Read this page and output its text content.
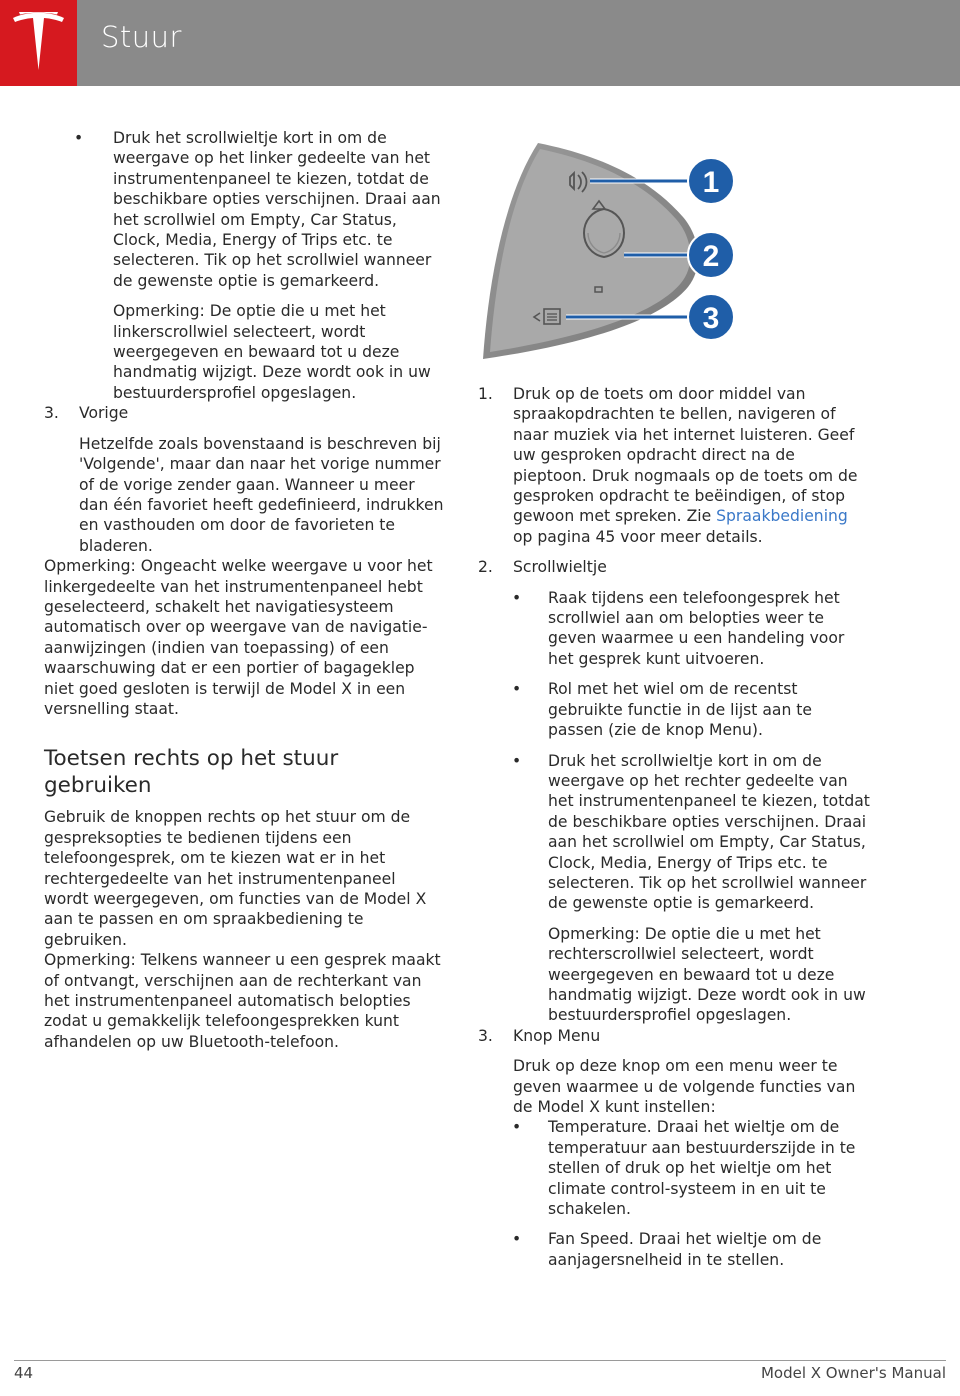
Stuur
• Druk het scrollwieltje kort in om de weergave op het linker gedeelte van het instrumentenpaneel te kiezen, totdat de beschikbare opties verschijnen. Draai aan het scrollwiel om Empty, Car Status, Clock, Media, Energy of Trips etc. te selecteren. Tik op het scrollwiel wanneer de gewenste optie is gemarkeerd.

Opmerking: De optie die u met het linkerscrollwiel selecteert, wordt weergegeven en bewaard tot u deze handmatig wijzigt. Deze wordt ook in uw bestuurdersprofiel opgeslagen.

3. Vorige

Hetzelfde zoals bovenstaand is beschreven bij 'Volgende', maar dan naar het vorige nummer of de vorige zender gaan. Wanneer u meer dan één favoriet heeft gedefinieerd, indrukken en vasthouden om door de favorieten te bladeren.

Opmerking: Ongeacht welke weergave u voor het linkergedeelte van het instrumentenpaneel hebt geselecteerd, schakelt het navigatiesysteem automatisch over op weergave van de navigatie-aanwijzingen (indien van toepassing) of een waarschuwing dat er een portier of bagageklep niet goed gesloten is terwijl de Model X in een versnelling staat.

Toetsen rechts op het stuur gebruiken

Gebruik de knoppen rechts op het stuur om de gespreksopties te bedienen tijdens een telefoongesprek, om te kiezen wat er in het rechtergedeelte van het instrumentenpaneel wordt weergegeven, om functies van de Model X aan te passen en om spraakbediening te gebruiken.

Opmerking: Telkens wanneer u een gesprek maakt of ontvangt, verschijnen aan de rechterkant van het instrumentenpaneel automatisch belopties zodat u gemakkelijk telefoongesprekken kunt afhandelen op uw Bluetooth-telefoon.

1
2
3
1. Druk op de toets om door middel van spraakopdrachten te bellen, navigeren of naar muziek via het internet luisteren. Geef uw gesproken opdracht direct na de pieptoon. Druk nogmaals op de toets om de gesproken opdracht te beëindigen, of stop gewoon met spreken. Zie Spraakbediening op pagina 45 voor meer details.

2. Scrollwieltje

• Raak tijdens een telefoongesprek het scrollwiel aan om belopties weer te geven waarmee u een handeling voor het gesprek kunt uitvoeren.

• Rol met het wiel om de recentst gebruikte functie in de lijst aan te passen (zie de knop Menu).

• Druk het scrollwieltje kort in om de weergave op het rechter gedeelte van het instrumentenpaneel te kiezen, totdat de beschikbare opties verschijnen. Draai aan het scrollwiel om Empty, Car Status, Clock, Media, Energy of Trips etc. te selecteren. Tik op het scrollwiel wanneer de gewenste optie is gemarkeerd.

Opmerking: De optie die u met het rechterscrollwiel selecteert, wordt weergegeven en bewaard tot u deze handmatig wijzigt. Deze wordt ook in uw bestuurdersprofiel opgeslagen.

3. Knop Menu

Druk op deze knop om een menu weer te geven waarmee u de volgende functies van de Model X kunt instellen:

• Temperature. Draai het wieltje om de temperatuur aan bestuurderszijde in te stellen of druk op het wieltje om het climate control-systeem in en uit te schakelen.

• Fan Speed. Draai het wieltje om de aanjagersnelheid in te stellen.

44	Model X Owner's Manual
